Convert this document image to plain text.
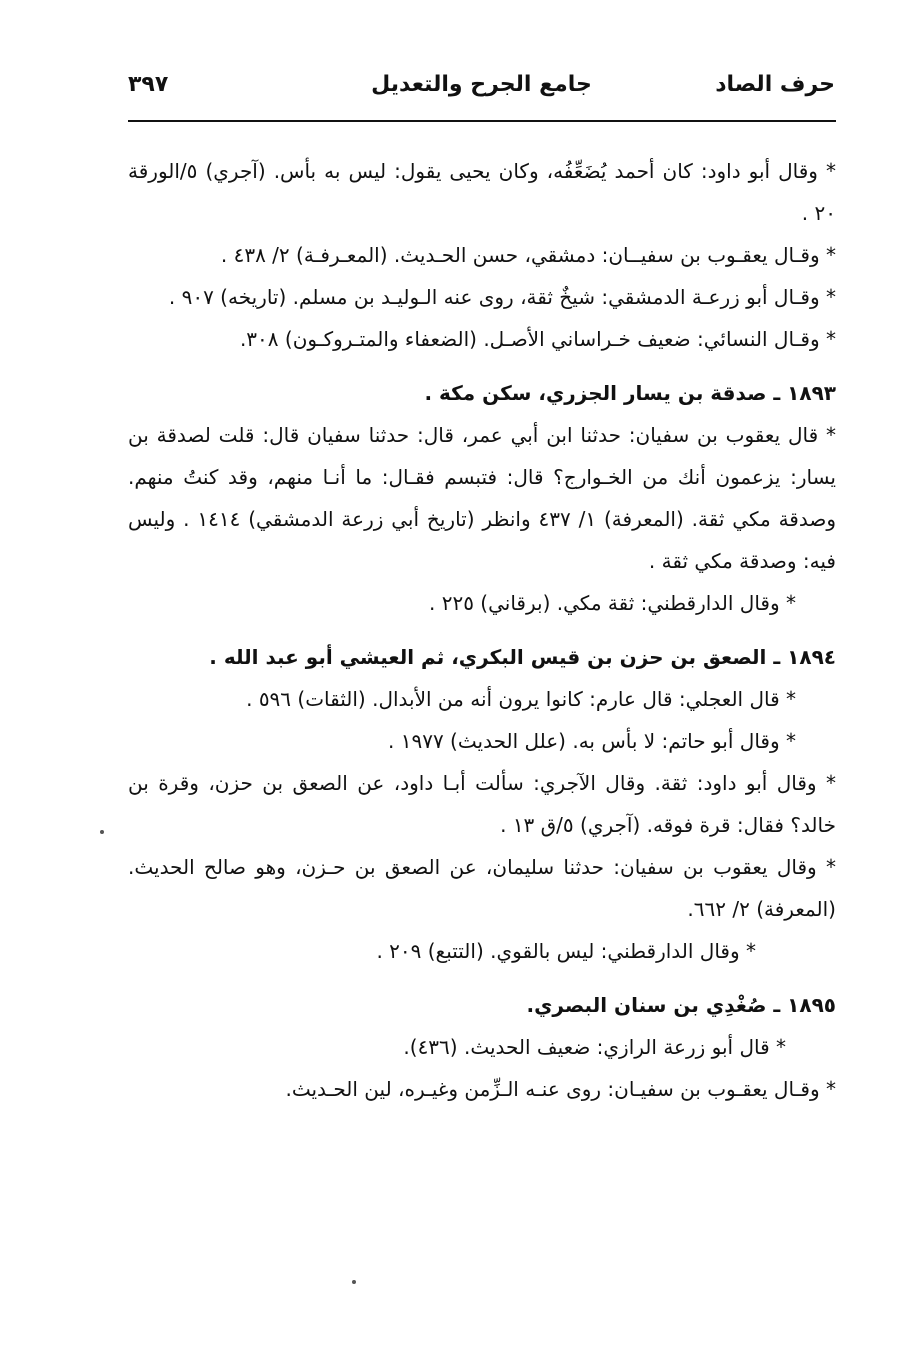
حرف الصاد
جامع الجرح والتعديل
٣٩٧

* وقال أبو داود: كان أحمد يُضَعِّفُه، وكان يحيى يقول: ليس به بأس. (آجري) ٥/الورقة ٢٠ .

* وقـال يعقـوب بن سفيــان: دمشقي، حسن الحـديث. (المعـرفـة) ٢/ ٤٣٨ .

* وقـال أبو زرعـة الدمشقي: شيخٌ ثقة، روى عنه الـوليـد بن مسلم. (تاريخه) ٩٠٧ .

* وقـال النسائي: ضعيف خـراساني الأصـل. (الضعفاء والمتـروكـون) ٣٠٨.

١٨٩٣ ـ صدقة بن يسار الجزري، سكن مكة .

* قال يعقوب بن سفيان: حدثنا ابن أبي عمر، قال: حدثنا سفيان قال: قلت لصدقة بن يسار: يزعمون أنك من الخـوارج؟ قال: فتبسم فقـال: ما أنـا منهم، وقد كنتُ منهم. وصدقة مكي ثقة. (المعرفة) ١/ ٤٣٧ وانظر (تاريخ أبي زرعة الدمشقي) ١٤١٤ . وليس فيه: وصدقة مكي ثقة .

* وقال الدارقطني: ثقة مكي. (برقاني) ٢٢٥ .

١٨٩٤ ـ الصعق بن حزن بن قيس البكري، ثم العيشي أبو عبد الله .

* قال العجلي: قال عارم: كانوا يرون أنه من الأبدال. (الثقات) ٥٩٦ .

* وقال أبو حاتم: لا بأس به. (علل الحديث) ١٩٧٧ .

* وقال أبو داود: ثقة. وقال الآجري: سألت أبـا داود، عن الصعق بن حزن، وقرة بن خالد؟ فقال: قرة فوقه. (آجري) ٥/ق ١٣ .

* وقال يعقوب بن سفيان: حدثنا سليمان، عن الصعق بن حـزن، وهو صالح الحديث. (المعرفة) ٢/ ٦٦٢.

* وقال الدارقطني: ليس بالقوي. (التتبع) ٢٠٩ .

١٨٩٥ ـ صُغْدِي بن سنان البصري.

* قال أبو زرعة الرازي: ضعيف الحديث. (٤٣٦).

* وقـال يعقـوب بن سفيـان: روى عنـه الـزِّمن وغيـره، لين الحـديث.
